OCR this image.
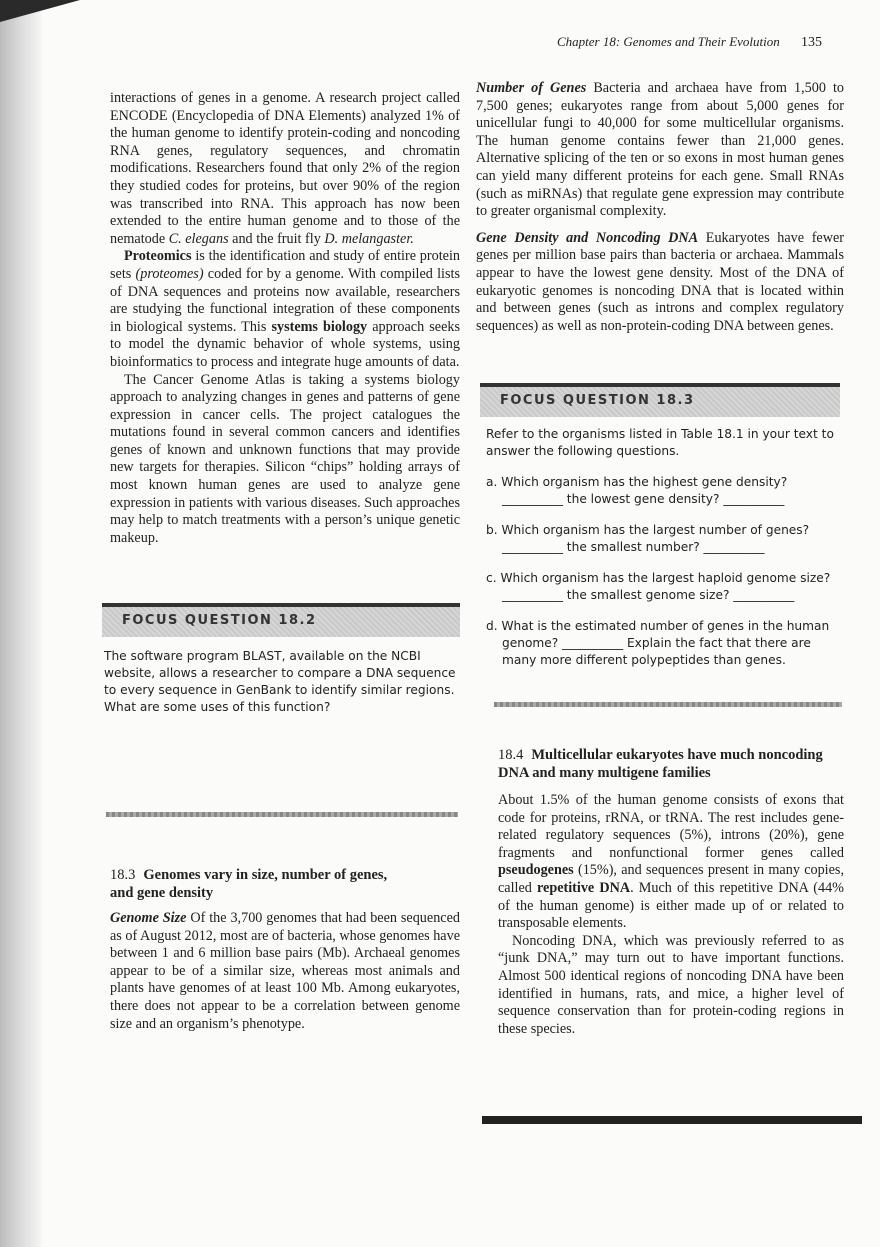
Chapter 18: Genomes and Their Evolution 135

interactions of genes in a genome. A research project called ENCODE (Encyclopedia of DNA Elements) analyzed 1% of the human genome to identify protein-coding and noncoding RNA genes, regulatory sequences, and chromatin modifications. Researchers found that only 2% of the region they studied codes for proteins, but over 90% of the region was transcribed into RNA. This approach has now been extended to the entire human genome and to those of the nematode C. elegans and the fruit fly D. melangaster.

Proteomics is the identification and study of entire protein sets (proteomes) coded for by a genome. With compiled lists of DNA sequences and proteins now available, researchers are studying the functional integration of these components in biological systems. This systems biology approach seeks to model the dynamic behavior of whole systems, using bioinformatics to process and integrate huge amounts of data.

The Cancer Genome Atlas is taking a systems biology approach to analyzing changes in genes and patterns of gene expression in cancer cells. The project catalogues the mutations found in several common cancers and identifies genes of known and unknown functions that may provide new targets for therapies. Silicon “chips” holding arrays of most known human genes are used to analyze gene expression in patients with various diseases. Such approaches may help to match treatments with a person’s unique genetic makeup.

FOCUS QUESTION 18.2

The software program BLAST, available on the NCBI website, allows a researcher to compare a DNA sequence to every sequence in GenBank to identify similar regions. What are some uses of this function?

18.3 Genomes vary in size, number of genes, and gene density

Genome Size Of the 3,700 genomes that had been sequenced as of August 2012, most are of bacteria, whose genomes have between 1 and 6 million base pairs (Mb). Archaeal genomes appear to be of a similar size, whereas most animals and plants have genomes of at least 100 Mb. Among eukaryotes, there does not appear to be a correlation between genome size and an organism’s phenotype.

Number of Genes Bacteria and archaea have from 1,500 to 7,500 genes; eukaryotes range from about 5,000 genes for unicellular fungi to 40,000 for some multicellular organisms. The human genome contains fewer than 21,000 genes. Alternative splicing of the ten or so exons in most human genes can yield many different proteins for each gene. Small RNAs (such as miRNAs) that regulate gene expression may contribute to greater organismal complexity.

Gene Density and Noncoding DNA Eukaryotes have fewer genes per million base pairs than bacteria or archaea. Mammals appear to have the lowest gene density. Most of the DNA of eukaryotic genomes is noncoding DNA that is located within and between genes (such as introns and complex regulatory sequences) as well as non-protein-coding DNA between genes.

FOCUS QUESTION 18.3

Refer to the organisms listed in Table 18.1 in your text to answer the following questions.

a. Which organism has the highest gene density? __________ the lowest gene density? __________

b. Which organism has the largest number of genes? __________ the smallest number? __________

c. Which organism has the largest haploid genome size? __________ the smallest genome size? __________

d. What is the estimated number of genes in the human genome? __________ Explain the fact that there are many more different polypeptides than genes.

18.4 Multicellular eukaryotes have much noncoding DNA and many multigene families

About 1.5% of the human genome consists of exons that code for proteins, rRNA, or tRNA. The rest includes gene-related regulatory sequences (5%), introns (20%), gene fragments and nonfunctional former genes called pseudogenes (15%), and sequences present in many copies, called repetitive DNA. Much of this repetitive DNA (44% of the human genome) is either made up of or related to transposable elements.

Noncoding DNA, which was previously referred to as “junk DNA,” may turn out to have important functions. Almost 500 identical regions of noncoding DNA have been identified in humans, rats, and mice, a higher level of sequence conservation than for protein-coding regions in these species.
